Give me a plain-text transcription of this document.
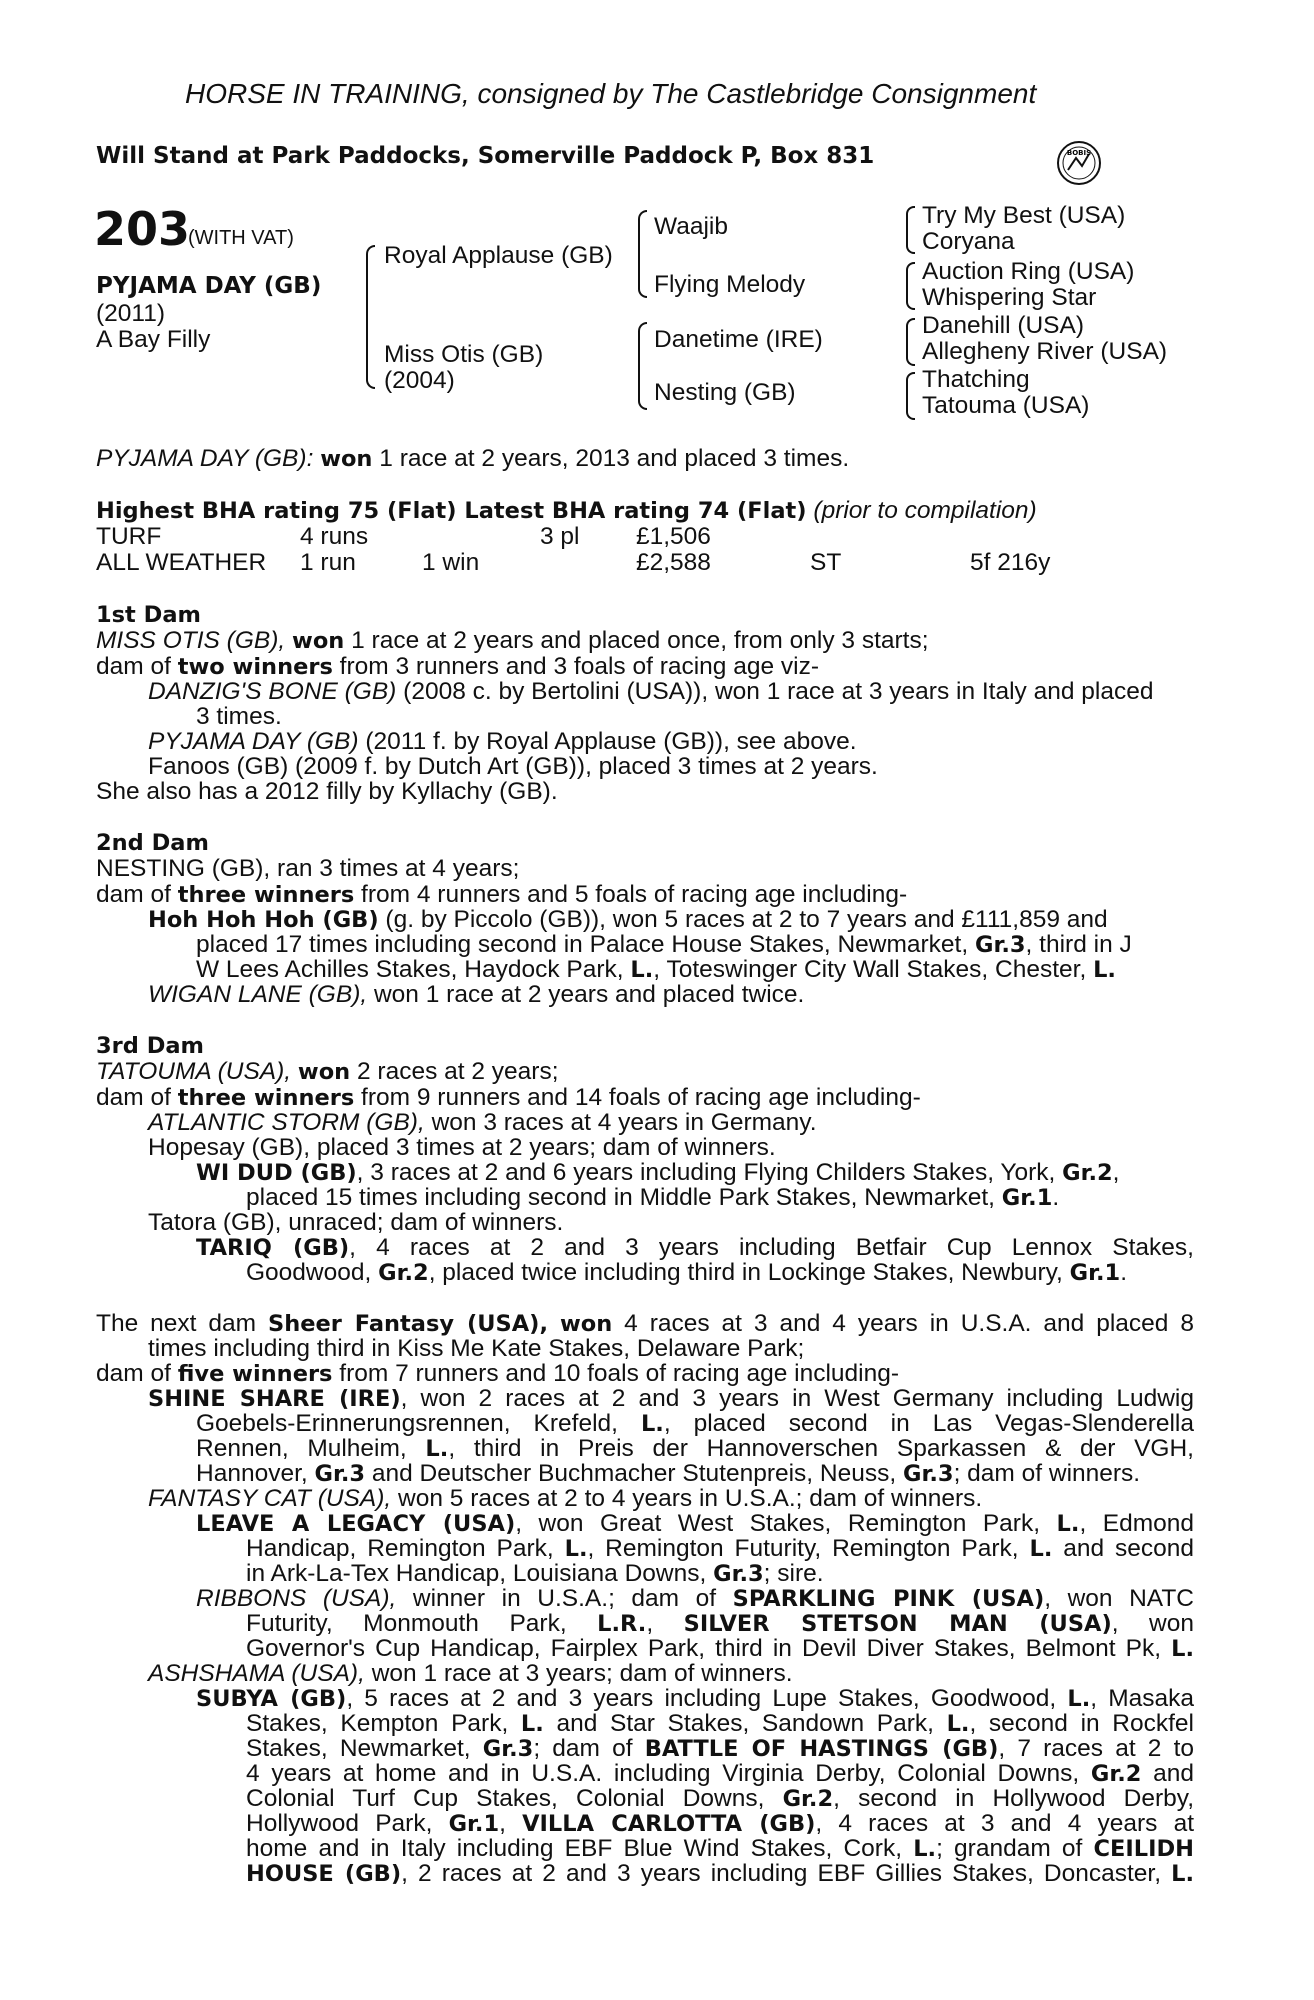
HORSE IN TRAINING, consigned by The Castlebridge Consignment
Will Stand at Park Paddocks, Somerville Paddock P, Box 831	BOBIS
203
(WITH VAT)
PYJAMA DAY (GB)
(2011)
A Bay Filly
Royal Applause (GB)
Miss Otis (GB)
(2004)
Waajib
Flying Melody
Danetime (IRE)
Nesting (GB)
Try My Best (USA)
Coryana
Auction Ring (USA)
Whispering Star
Danehill (USA)
Allegheny River (USA)
Thatching
Tatouma (USA)
PYJAMA DAY (GB): won 1 race at 2 years, 2013 and placed 3 times.
Highest BHA rating 75 (Flat) Latest BHA rating 74 (Flat) (prior to compilation)
TURF	4 runs	3 pl £1,506
ALL WEATHER 1 run	1 win	£2,588	ST	5f 216y
1st Dam
MISS OTIS (GB), won 1 race at 2 years and placed once, from only 3 starts;
dam of two winners from 3 runners and 3 foals of racing age viz-
DANZIG'S BONE (GB) (2008 c. by Bertolini (USA)), won 1 race at 3 years in Italy and placed
3 times.
PYJAMA DAY (GB) (2011 f. by Royal Applause (GB)), see above.
Fanoos (GB) (2009 f. by Dutch Art (GB)), placed 3 times at 2 years.
She also has a 2012 filly by Kyllachy (GB).
2nd Dam
NESTING (GB), ran 3 times at 4 years;
dam of three winners from 4 runners and 5 foals of racing age including-
Hoh Hoh Hoh (GB) (g. by Piccolo (GB)), won 5 races at 2 to 7 years and £111,859 and
placed 17 times including second in Palace House Stakes, Newmarket, Gr.3, third in J
W Lees Achilles Stakes, Haydock Park, L., Toteswinger City Wall Stakes, Chester, L.
WIGAN LANE (GB), won 1 race at 2 years and placed twice.
3rd Dam
TATOUMA (USA), won 2 races at 2 years;
dam of three winners from 9 runners and 14 foals of racing age including-
ATLANTIC STORM (GB), won 3 races at 4 years in Germany.
Hopesay (GB), placed 3 times at 2 years; dam of winners.
WI DUD (GB), 3 races at 2 and 6 years including Flying Childers Stakes, York, Gr.2,
placed 15 times including second in Middle Park Stakes, Newmarket, Gr.1.
Tatora (GB), unraced; dam of winners.
TARIQ (GB), 4 races at 2 and 3 years including Betfair Cup Lennox Stakes,
Goodwood, Gr.2, placed twice including third in Lockinge Stakes, Newbury, Gr.1.
The next dam Sheer Fantasy (USA), won 4 races at 3 and 4 years in U.S.A. and placed 8
times including third in Kiss Me Kate Stakes, Delaware Park;
dam of five winners from 7 runners and 10 foals of racing age including-
SHINE SHARE (IRE), won 2 races at 2 and 3 years in West Germany including Ludwig
Goebels-Erinnerungsrennen, Krefeld, L., placed second in Las Vegas-Slenderella
Rennen, Mulheim, L., third in Preis der Hannoverschen Sparkassen & der VGH,
Hannover, Gr.3 and Deutscher Buchmacher Stutenpreis, Neuss, Gr.3; dam of winners.
FANTASY CAT (USA), won 5 races at 2 to 4 years in U.S.A.; dam of winners.
LEAVE A LEGACY (USA), won Great West Stakes, Remington Park, L., Edmond
Handicap, Remington Park, L., Remington Futurity, Remington Park, L. and second
in Ark-La-Tex Handicap, Louisiana Downs, Gr.3; sire.
RIBBONS (USA), winner in U.S.A.; dam of SPARKLING PINK (USA), won NATC
Futurity, Monmouth Park, L.R., SILVER STETSON MAN (USA), won
Governor's Cup Handicap, Fairplex Park, third in Devil Diver Stakes, Belmont Pk, L.
ASHSHAMA (USA), won 1 race at 3 years; dam of winners.
SUBYA (GB), 5 races at 2 and 3 years including Lupe Stakes, Goodwood, L., Masaka
Stakes, Kempton Park, L. and Star Stakes, Sandown Park, L., second in Rockfel
Stakes, Newmarket, Gr.3; dam of BATTLE OF HASTINGS (GB), 7 races at 2 to
4 years at home and in U.S.A. including Virginia Derby, Colonial Downs, Gr.2 and
Colonial Turf Cup Stakes, Colonial Downs, Gr.2, second in Hollywood Derby,
Hollywood Park, Gr.1, VILLA CARLOTTA (GB), 4 races at 3 and 4 years at
home and in Italy including EBF Blue Wind Stakes, Cork, L.; grandam of CEILIDH
HOUSE (GB), 2 races at 2 and 3 years including EBF Gillies Stakes, Doncaster, L.
